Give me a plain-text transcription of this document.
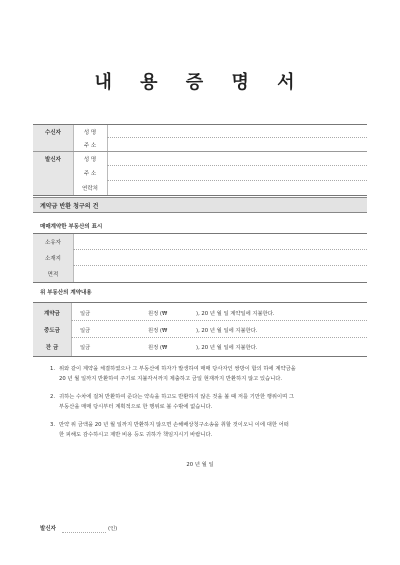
내 용 증 명 서
수신자	성 명
주 소
발신자	성 명
주 소
연락처
계약금 반환 청구의 건
매매계약한 부동산의 표시
소유자
소재지
면적
위 부동산의 계약내용
계약금	일금	원정 (₩	), 20 년 월 일 계약일에 지불한다.
중도금	일금	원정 (₩	), 20 년 월 일에 지불한다.
잔 금	일금	원정 (₩	), 20 년 월 일에 지불한다.
1. 위와 같이 계약을 체결하였으나 그 부동산에 하자가 발생하여 매매 당사자인 쌍방이 합의 하에 계약금을
20 년 월 일까지 반환하여 주기로 지불각서까지 제출하고 금일 현재까지 반환하지 않고 있습니다.
2. 귀하는 수차에 걸쳐 반환하여 준다는 약속을 하고도 반환하지 않은 것을 볼 때 저를 기만한 행위이며 그
부동산을 매매 당시부터 계획적으로 한 행위로 볼 수밖에 없습니다.
3. 만약 위 금액을 20 년 월 일까지 반환하지 않으면 손해배상청구소송을 취할 것이오니 이에 대한 어떠
한 피해도 감수하시고 제반 비용 등도 귀하가 책임지시기 바랍니다.
20 년 월 일
발신자	(인)
